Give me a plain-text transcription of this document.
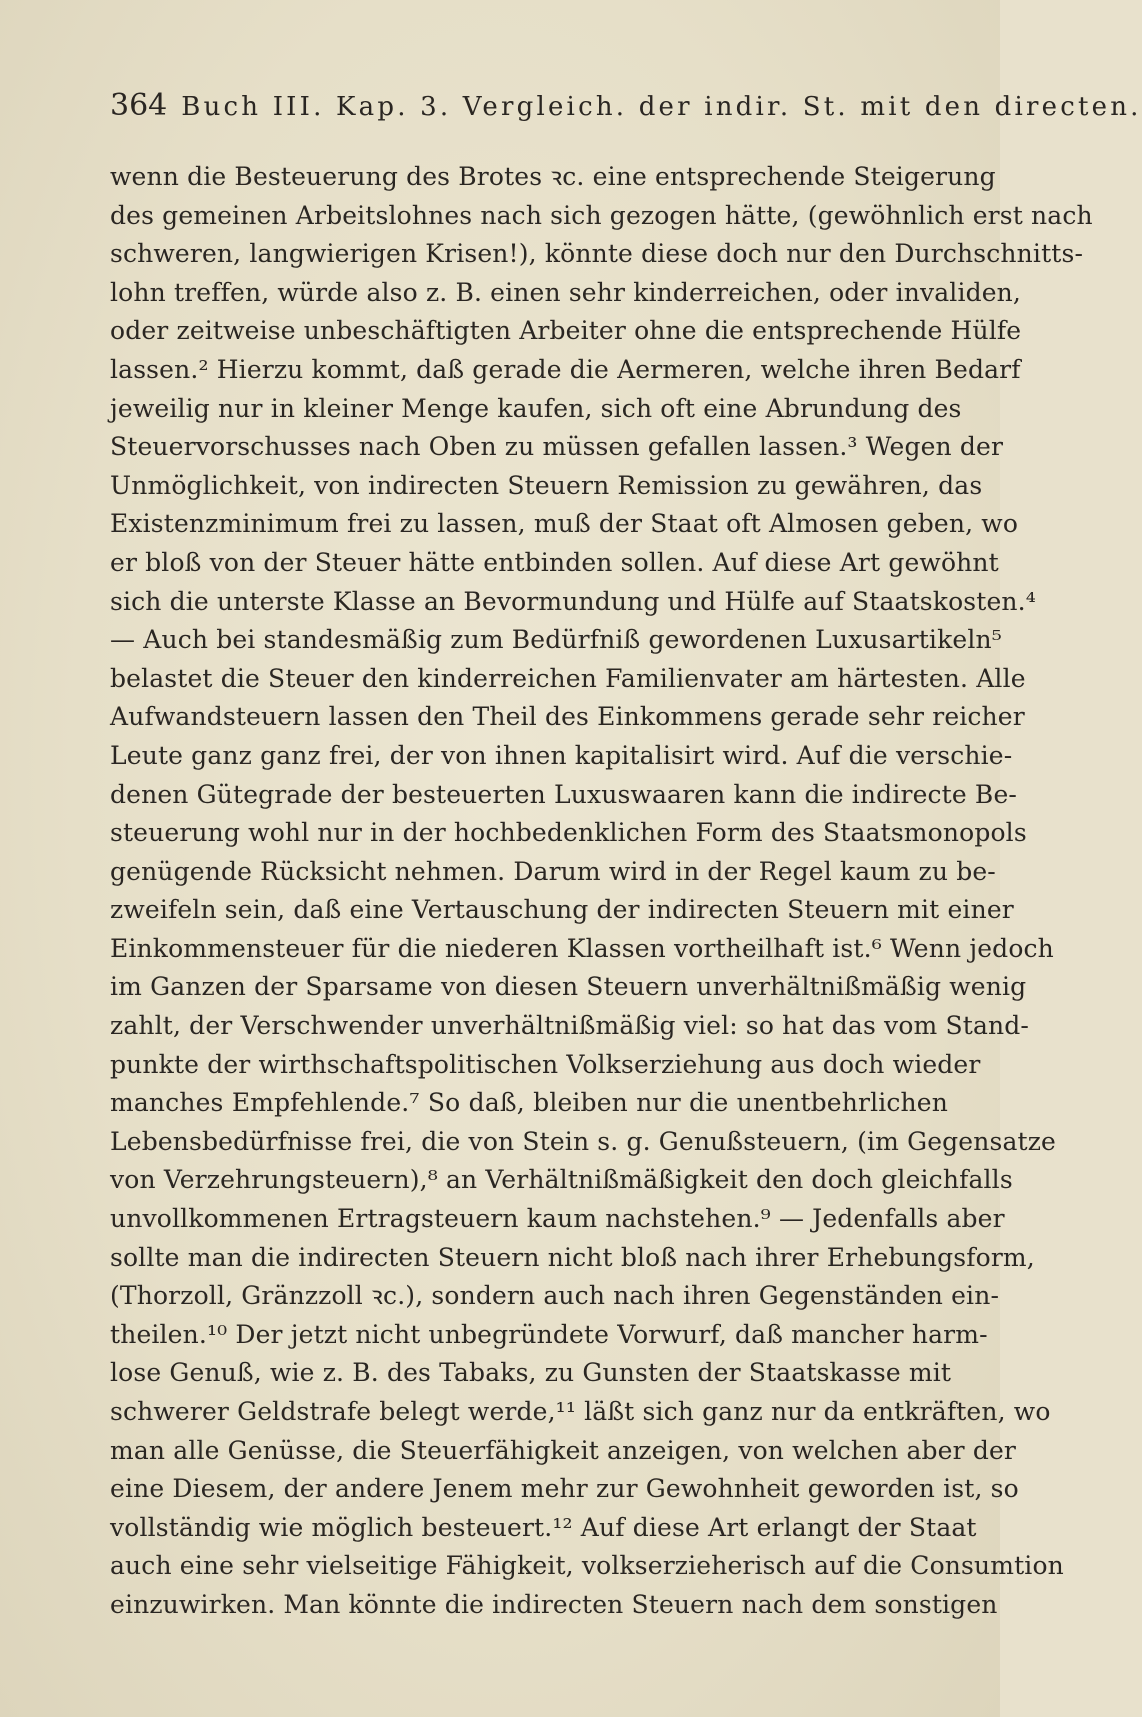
364 Buch III. Kap. 3. Vergleich. der indir. St. mit den directen.
wenn die Besteuerung des Brotes ꝛc. eine entsprechende Steigerung
des gemeinen Arbeitslohnes nach sich gezogen hätte, (gewöhnlich erst nach
schweren, langwierigen Krisen!), könnte diese doch nur den Durchschnitts-
lohn treffen, würde also z. B. einen sehr kinderreichen, oder invaliden,
oder zeitweise unbeschäftigten Arbeiter ohne die entsprechende Hülfe
lassen.² Hierzu kommt, daß gerade die Aermeren, welche ihren Bedarf
jeweilig nur in kleiner Menge kaufen, sich oft eine Abrundung des
Steuervorschusses nach Oben zu müssen gefallen lassen.³ Wegen der
Unmöglichkeit, von indirecten Steuern Remission zu gewähren, das
Existenzminimum frei zu lassen, muß der Staat oft Almosen geben, wo
er bloß von der Steuer hätte entbinden sollen. Auf diese Art gewöhnt
sich die unterste Klasse an Bevormundung und Hülfe auf Staatskosten.⁴
— Auch bei standesmäßig zum Bedürfniß gewordenen Luxusartikeln⁵
belastet die Steuer den kinderreichen Familienvater am härtesten. Alle
Aufwandsteuern lassen den Theil des Einkommens gerade sehr reicher
Leute ganz ganz frei, der von ihnen kapitalisirt wird. Auf die verschie-
denen Gütegrade der besteuerten Luxuswaaren kann die indirecte Be-
steuerung wohl nur in der hochbedenklichen Form des Staatsmonopols
genügende Rücksicht nehmen. Darum wird in der Regel kaum zu be-
zweifeln sein, daß eine Vertauschung der indirecten Steuern mit einer
Einkommensteuer für die niederen Klassen vortheilhaft ist.⁶ Wenn jedoch
im Ganzen der Sparsame von diesen Steuern unverhältnißmäßig wenig
zahlt, der Verschwender unverhältnißmäßig viel: so hat das vom Stand-
punkte der wirthschaftspolitischen Volkserziehung aus doch wieder
manches Empfehlende.⁷ So daß, bleiben nur die unentbehrlichen
Lebensbedürfnisse frei, die von Stein s. g. Genußsteuern, (im Gegensatze
von Verzehrungsteuern),⁸ an Verhältnißmäßigkeit den doch gleichfalls
unvollkommenen Ertragsteuern kaum nachstehen.⁹ — Jedenfalls aber
sollte man die indirecten Steuern nicht bloß nach ihrer Erhebungsform,
(Thorzoll, Gränzzoll ꝛc.), sondern auch nach ihren Gegenständen ein-
theilen.¹⁰ Der jetzt nicht unbegründete Vorwurf, daß mancher harm-
lose Genuß, wie z. B. des Tabaks, zu Gunsten der Staatskasse mit
schwerer Geldstrafe belegt werde,¹¹ läßt sich ganz nur da entkräften, wo
man alle Genüsse, die Steuerfähigkeit anzeigen, von welchen aber der
eine Diesem, der andere Jenem mehr zur Gewohnheit geworden ist, so
vollständig wie möglich besteuert.¹² Auf diese Art erlangt der Staat
auch eine sehr vielseitige Fähigkeit, volkserzieherisch auf die Consumtion
einzuwirken. Man könnte die indirecten Steuern nach dem sonstigen
